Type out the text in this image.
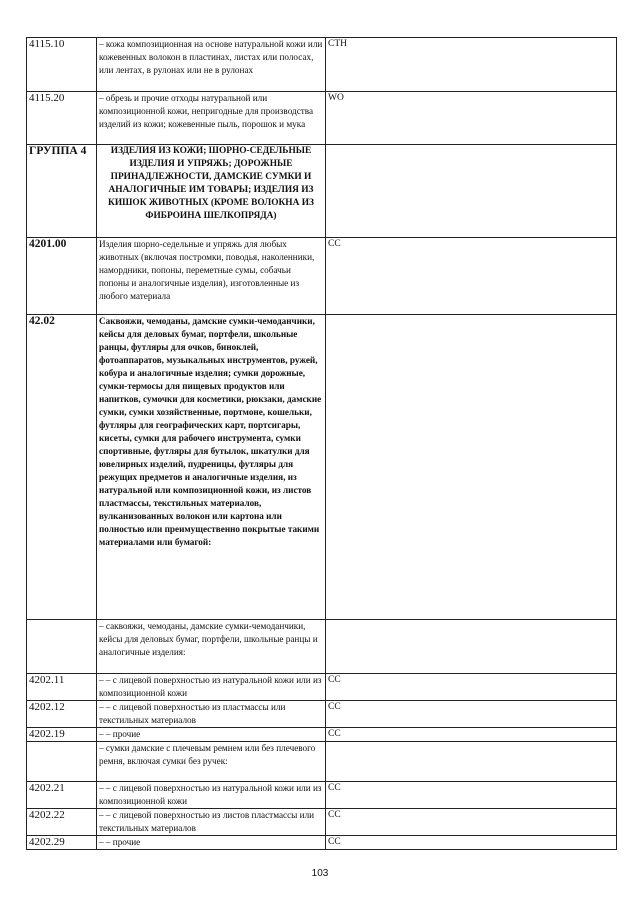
4115.10	– кожа композиционная на основе натуральной кожи или кожевенных волокон в пластинах, листах или полосах, или лентах, в рулонах или не в рулонах	CTH
4115.20	– обрезь и прочие отходы натуральной или композиционной кожи, непригодные для производства изделий из кожи; кожевенные пыль, порошок и мука	WO
ГРУППА 4	ИЗДЕЛИЯ ИЗ КОЖИ; ШОРНО-СЕДЕЛЬНЫЕ ИЗДЕЛИЯ И УПРЯЖЬ; ДОРОЖНЫЕ ПРИНАДЛЕЖНОСТИ, ДАМСКИЕ СУМКИ И АНАЛОГИЧНЫЕ ИМ ТОВАРЫ; ИЗДЕЛИЯ ИЗ КИШОК ЖИВОТНЫХ (КРОМЕ ВОЛОКНА ИЗ ФИБРОИНА ШЕЛКОПРЯДА)	
4201.00	Изделия шорно-седельные и упряжь для любых животных (включая постромки, поводья, наколенники, намордники, попоны, переметные сумы, собачьи попоны и аналогичные изделия), изготовленные из любого материала	CC
42.02	Саквояжи, чемоданы, дамские сумки-чемоданчики, кейсы для деловых бумаг, портфели, школьные ранцы, футляры для очков, биноклей, фотоаппаратов, музыкальных инструментов, ружей, кобура и аналогичные изделия; сумки дорожные, сумки-термосы для пищевых продуктов или напитков, сумочки для косметики, рюкзаки, дамские сумки, сумки хозяйственные, портмоне, кошельки, футляры для географических карт, портсигары, кисеты, сумки для рабочего инструмента, сумки спортивные, футляры для бутылок, шкатулки для ювелирных изделий, пудреницы, футляры для режущих предметов и аналогичные изделия, из натуральной или композиционной кожи, из листов пластмассы, текстильных материалов, вулканизованных волокон или картона или полностью или преимущественно покрытые такими материалами или бумагой:	
	– саквояжи, чемоданы, дамские сумки-чемоданчики, кейсы для деловых бумаг, портфели, школьные ранцы и аналогичные изделия:	
4202.11	– – с лицевой поверхностью из натуральной кожи или из композиционной кожи	CC
4202.12	– – с лицевой поверхностью из пластмассы или текстильных материалов	CC
4202.19	– – прочие	CC
	– сумки дамские с плечевым ремнем или без плечевого ремня, включая сумки без ручек:	
4202.21	– – с лицевой поверхностью из натуральной кожи или из композиционной кожи	CC
4202.22	– – с лицевой поверхностью из листов пластмассы или текстильных материалов	CC
4202.29	– – прочие	CC
103
